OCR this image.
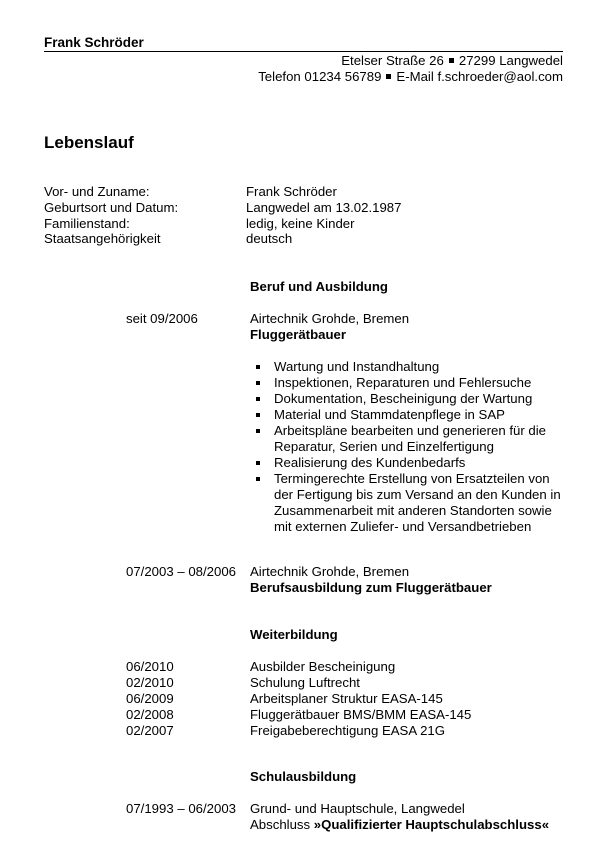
Frank Schröder
Etelser Straße 26 27299 Langwedel
Telefon 01234 56789 E-Mail f.schroeder@aol.com
Lebenslauf
Vor- und Zuname:	Frank Schröder
Geburtsort und Datum:	Langwedel am 13.02.1987
Familienstand:	ledig, keine Kinder
Staatsangehörigkeit	deutsch
Beruf und Ausbildung
seit 09/2006	Airtechnik Grohde, Bremen
Fluggerätbauer
Wartung und Instandhaltung
Inspektionen, Reparaturen und Fehlersuche
Dokumentation, Bescheinigung der Wartung
Material und Stammdatenpflege in SAP
Arbeitspläne bearbeiten und generieren für die Reparatur, Serien und Einzelfertigung
Realisierung des Kundenbedarfs
Termingerechte Erstellung von Ersatzteilen von der Fertigung bis zum Versand an den Kunden in Zusammenarbeit mit anderen Standorten sowie mit externen Zuliefer- und Versandbetrieben
07/2003 – 08/2006 Airtechnik Grohde, Bremen
Berufsausbildung zum Fluggerätbauer
Weiterbildung
06/2010	Ausbilder Bescheinigung
02/2010	Schulung Luftrecht
06/2009	Arbeitsplaner Struktur EASA-145
02/2008	Fluggerätbauer BMS/BMM EASA-145
02/2007	Freigabeberechtigung EASA 21G
Schulausbildung
07/1993 – 06/2003 Grund- und Hauptschule, Langwedel
Abschluss »Qualifizierter Hauptschulabschluss«
